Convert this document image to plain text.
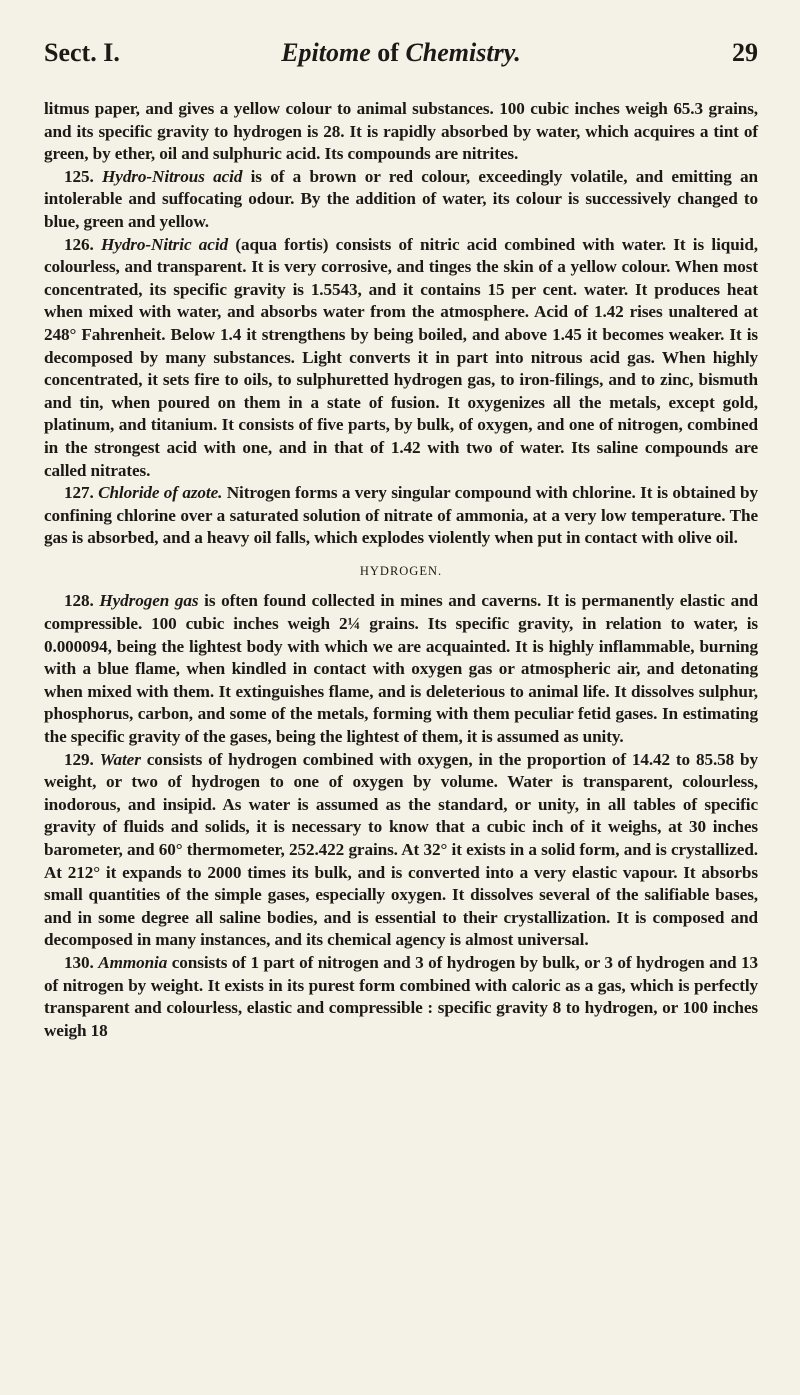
Sect. I.	Epitome of Chemistry.	29

litmus paper, and gives a yellow colour to animal substances. 100 cubic inches weigh 65.3 grains, and its specific gravity to hydrogen is 28. It is rapidly absorbed by water, which acquires a tint of green, by ether, oil and sulphuric acid. Its compounds are nitrites.

125. Hydro-Nitrous acid is of a brown or red colour, exceedingly volatile, and emitting an intolerable and suffocating odour. By the addition of water, its colour is successively changed to blue, green and yellow.

126. Hydro-Nitric acid (aqua fortis) consists of nitric acid combined with water. It is liquid, colourless, and transparent. It is very corrosive, and tinges the skin of a yellow colour. When most concentrated, its specific gravity is 1.5543, and it contains 15 per cent. water. It produces heat when mixed with water, and absorbs water from the atmosphere. Acid of 1.42 rises unaltered at 248° Fahrenheit. Below 1.4 it strengthens by being boiled, and above 1.45 it becomes weaker. It is decomposed by many substances. Light converts it in part into nitrous acid gas. When highly concentrated, it sets fire to oils, to sulphuretted hydrogen gas, to iron-filings, and to zinc, bismuth and tin, when poured on them in a state of fusion. It oxygenizes all the metals, except gold, platinum, and titanium. It consists of five parts, by bulk, of oxygen, and one of nitrogen, combined in the strongest acid with one, and in that of 1.42 with two of water. Its saline compounds are called nitrates.

127. Chloride of azote. Nitrogen forms a very singular compound with chlorine. It is obtained by confining chlorine over a saturated solution of nitrate of ammonia, at a very low temperature. The gas is absorbed, and a heavy oil falls, which explodes violently when put in contact with olive oil.

HYDROGEN.

128. Hydrogen gas is often found collected in mines and caverns. It is permanently elastic and compressible. 100 cubic inches weigh 2¼ grains. Its specific gravity, in relation to water, is 0.000094, being the lightest body with which we are acquainted. It is highly inflammable, burning with a blue flame, when kindled in contact with oxygen gas or atmospheric air, and detonating when mixed with them. It extinguishes flame, and is deleterious to animal life. It dissolves sulphur, phosphorus, carbon, and some of the metals, forming with them peculiar fetid gases. In estimating the specific gravity of the gases, being the lightest of them, it is assumed as unity.

129. Water consists of hydrogen combined with oxygen, in the proportion of 14.42 to 85.58 by weight, or two of hydrogen to one of oxygen by volume. Water is transparent, colourless, inodorous, and insipid. As water is assumed as the standard, or unity, in all tables of specific gravity of fluids and solids, it is necessary to know that a cubic inch of it weighs, at 30 inches barometer, and 60° thermometer, 252.422 grains. At 32° it exists in a solid form, and is crystallized. At 212° it expands to 2000 times its bulk, and is converted into a very elastic vapour. It absorbs small quantities of the simple gases, especially oxygen. It dissolves several of the salifiable bases, and in some degree all saline bodies, and is essential to their crystallization. It is composed and decomposed in many instances, and its chemical agency is almost universal.

130. Ammonia consists of 1 part of nitrogen and 3 of hydrogen by bulk, or 3 of hydrogen and 13 of nitrogen by weight. It exists in its purest form combined with caloric as a gas, which is perfectly transparent and colourless, elastic and compressible : specific gravity 8 to hydrogen, or 100 inches weigh 18
